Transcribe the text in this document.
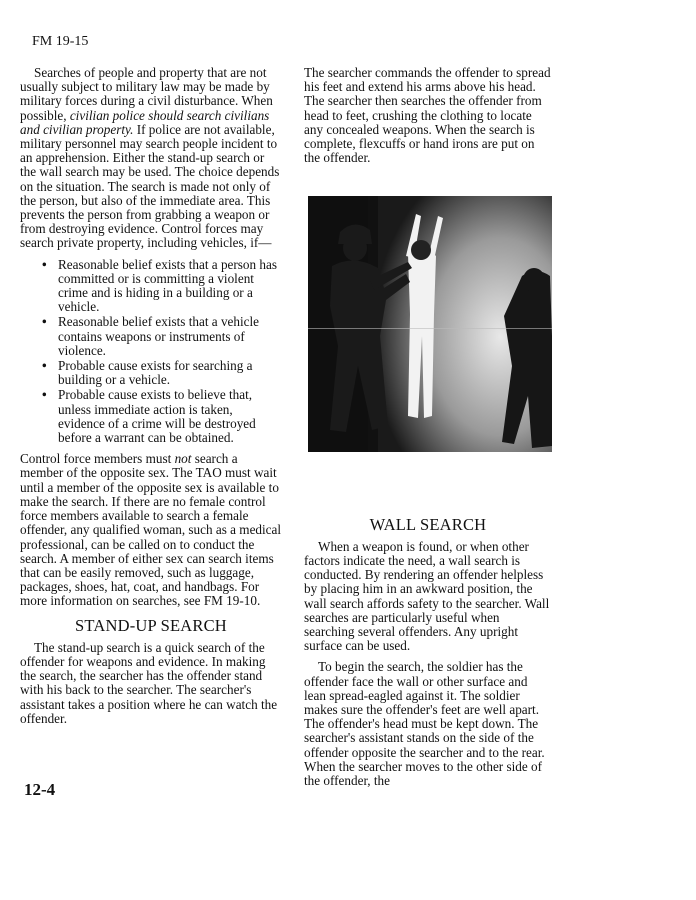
FM 19-15

Searches of people and property that are not usually subject to military law may be made by military forces during a civil disturbance. When possible, civilian police should search civilians and civilian property. If police are not available, military personnel may search people incident to an apprehension. Either the stand-up search or the wall search may be used. The choice depends on the situation. The search is made not only of the person, but also of the immediate area. This prevents the person from grabbing a weapon or from destroying evidence. Control forces may search private property, including vehicles, if—

• Reasonable belief exists that a person has committed or is committing a violent crime and is hiding in a building or a vehicle.
• Reasonable belief exists that a vehicle contains weapons or instruments of violence.
• Probable cause exists for searching a building or a vehicle.
• Probable cause exists to believe that, unless immediate action is taken, evidence of a crime will be destroyed before a warrant can be obtained.

Control force members must not search a member of the opposite sex. The TAO must wait until a member of the opposite sex is available to make the search. If there are no female control force members available to search a female offender, any qualified woman, such as a medical professional, can be called on to conduct the search. A member of either sex can search items that can be easily removed, such as luggage, packages, shoes, hat, coat, and handbags. For more information on searches, see FM 19-10.

STAND-UP SEARCH

The stand-up search is a quick search of the offender for weapons and evidence. In making the search, the searcher has the offender stand with his back to the searcher. The searcher's assistant takes a position where he can watch the offender.

The searcher commands the offender to spread his feet and extend his arms above his head. The searcher then searches the offender from head to feet, crushing the clothing to locate any concealed weapons. When the search is complete, flexcuffs or hand irons are put on the offender.

WALL SEARCH

When a weapon is found, or when other factors indicate the need, a wall search is conducted. By rendering an offender helpless by placing him in an awkward position, the wall search affords safety to the searcher. Wall searches are particularly useful when searching several offenders. Any upright surface can be used.

To begin the search, the soldier has the offender face the wall or other surface and lean spread-eagled against it. The soldier makes sure the offender's feet are well apart. The offender's head must be kept down. The searcher's assistant stands on the side of the offender opposite the searcher and to the rear. When the searcher moves to the other side of the offender, the

12-4
